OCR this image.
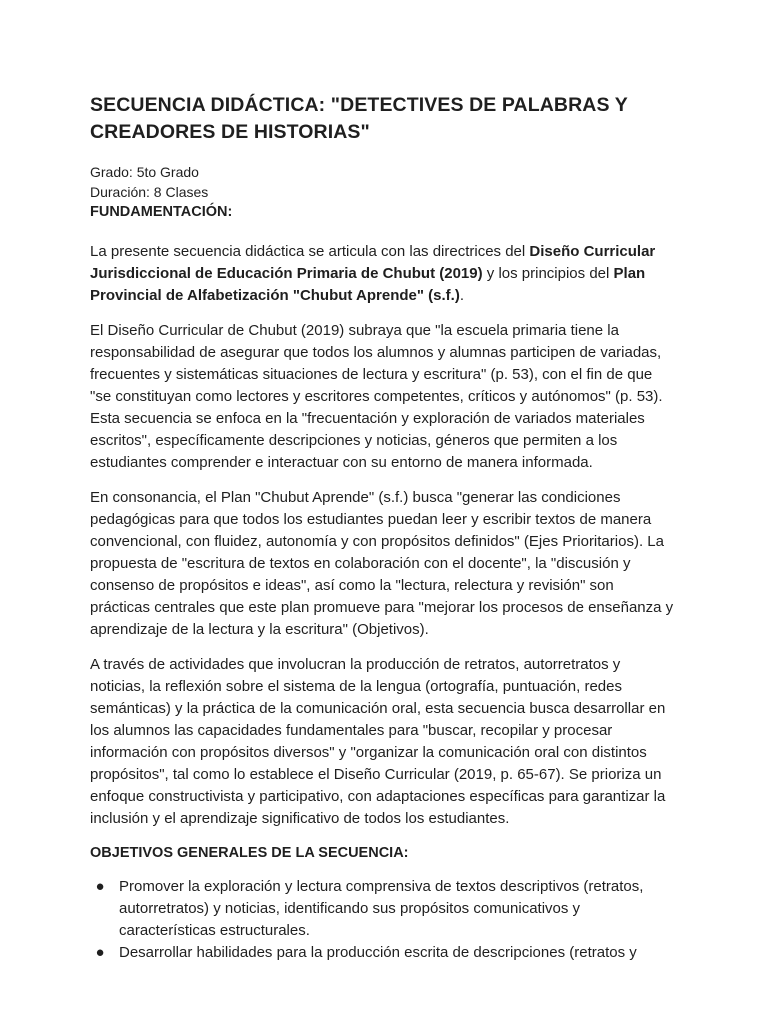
SECUENCIA DIDÁCTICA: "DETECTIVES DE PALABRAS Y CREADORES DE HISTORIAS"

Grado: 5to Grado

Duración: 8 Clases

FUNDAMENTACIÓN:

La presente secuencia didáctica se articula con las directrices del Diseño Curricular Jurisdiccional de Educación Primaria de Chubut (2019) y los principios del Plan Provincial de Alfabetización "Chubut Aprende" (s.f.).

El Diseño Curricular de Chubut (2019) subraya que "la escuela primaria tiene la responsabilidad de asegurar que todos los alumnos y alumnas participen de variadas, frecuentes y sistemáticas situaciones de lectura y escritura" (p. 53), con el fin de que "se constituyan como lectores y escritores competentes, críticos y autónomos" (p. 53). Esta secuencia se enfoca en la "frecuentación y exploración de variados materiales escritos", específicamente descripciones y noticias, géneros que permiten a los estudiantes comprender e interactuar con su entorno de manera informada.

En consonancia, el Plan "Chubut Aprende" (s.f.) busca "generar las condiciones pedagógicas para que todos los estudiantes puedan leer y escribir textos de manera convencional, con fluidez, autonomía y con propósitos definidos" (Ejes Prioritarios). La propuesta de "escritura de textos en colaboración con el docente", la "discusión y consenso de propósitos e ideas", así como la "lectura, relectura y revisión" son prácticas centrales que este plan promueve para "mejorar los procesos de enseñanza y aprendizaje de la lectura y la escritura" (Objetivos).

A través de actividades que involucran la producción de retratos, autorretratos y noticias, la reflexión sobre el sistema de la lengua (ortografía, puntuación, redes semánticas) y la práctica de la comunicación oral, esta secuencia busca desarrollar en los alumnos las capacidades fundamentales para "buscar, recopilar y procesar información con propósitos diversos" y "organizar la comunicación oral con distintos propósitos", tal como lo establece el Diseño Curricular (2019, p. 65-67). Se prioriza un enfoque constructivista y participativo, con adaptaciones específicas para garantizar la inclusión y el aprendizaje significativo de todos los estudiantes.

OBJETIVOS GENERALES DE LA SECUENCIA:
● Promover la exploración y lectura comprensiva de textos descriptivos (retratos, autorretratos) y noticias, identificando sus propósitos comunicativos y características estructurales.
● Desarrollar habilidades para la producción escrita de descripciones (retratos y
